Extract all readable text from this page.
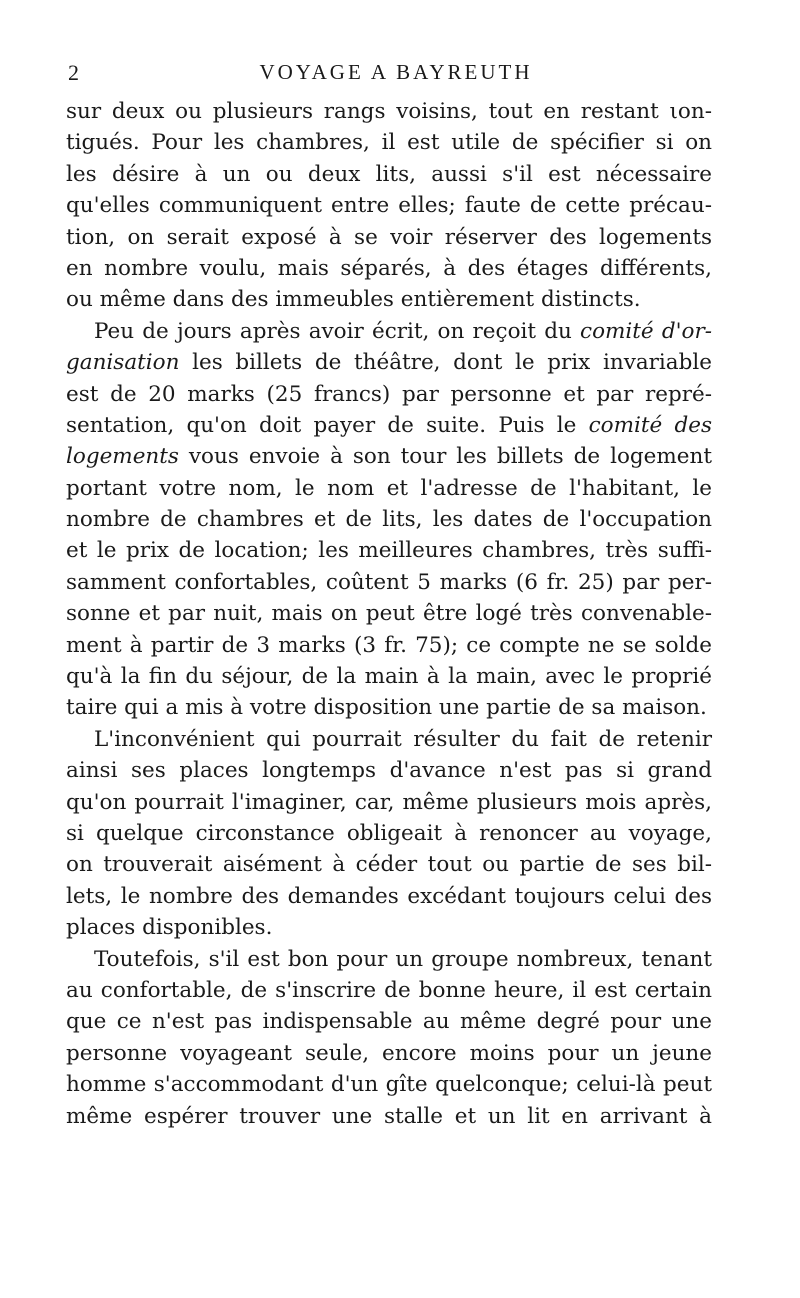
2	VOYAGE A BAYREUTH
sur deux ou plusieurs rangs voisins, tout en restant ιon-
tigués. Pour les chambres, il est utile de spécifier si on
les désire à un ou deux lits, aussi s'il est nécessaire
qu'elles communiquent entre elles; faute de cette précau-
tion, on serait exposé à se voir réserver des logements
en nombre voulu, mais séparés, à des étages différents,
ou même dans des immeubles entièrement distincts.
Peu de jours après avoir écrit, on reçoit du comité d'or-
ganisation les billets de théâtre, dont le prix invariable
est de 20 marks (25 francs) par personne et par repré-
sentation, qu'on doit payer de suite. Puis le comité des
logements vous envoie à son tour les billets de logement
portant votre nom, le nom et l'adresse de l'habitant, le
nombre de chambres et de lits, les dates de l'occupation
et le prix de location; les meilleures chambres, très suffi-
samment confortables, coûtent 5 marks (6 fr. 25) par per-
sonne et par nuit, mais on peut être logé très convenable-
ment à partir de 3 marks (3 fr. 75); ce compte ne se solde
qu'à la fin du séjour, de la main à la main, avec le proprié
taire qui a mis à votre disposition une partie de sa maison.
L'inconvénient qui pourrait résulter du fait de retenir
ainsi ses places longtemps d'avance n'est pas si grand
qu'on pourrait l'imaginer, car, même plusieurs mois après,
si quelque circonstance obligeait à renoncer au voyage,
on trouverait aisément à céder tout ou partie de ses bil-
lets, le nombre des demandes excédant toujours celui des
places disponibles.
Toutefois, s'il est bon pour un groupe nombreux, tenant
au confortable, de s'inscrire de bonne heure, il est certain
que ce n'est pas indispensable au même degré pour une
personne voyageant seule, encore moins pour un jeune
homme s'accommodant d'un gîte quelconque; celui-là peut
même espérer trouver une stalle et un lit en arrivant à
